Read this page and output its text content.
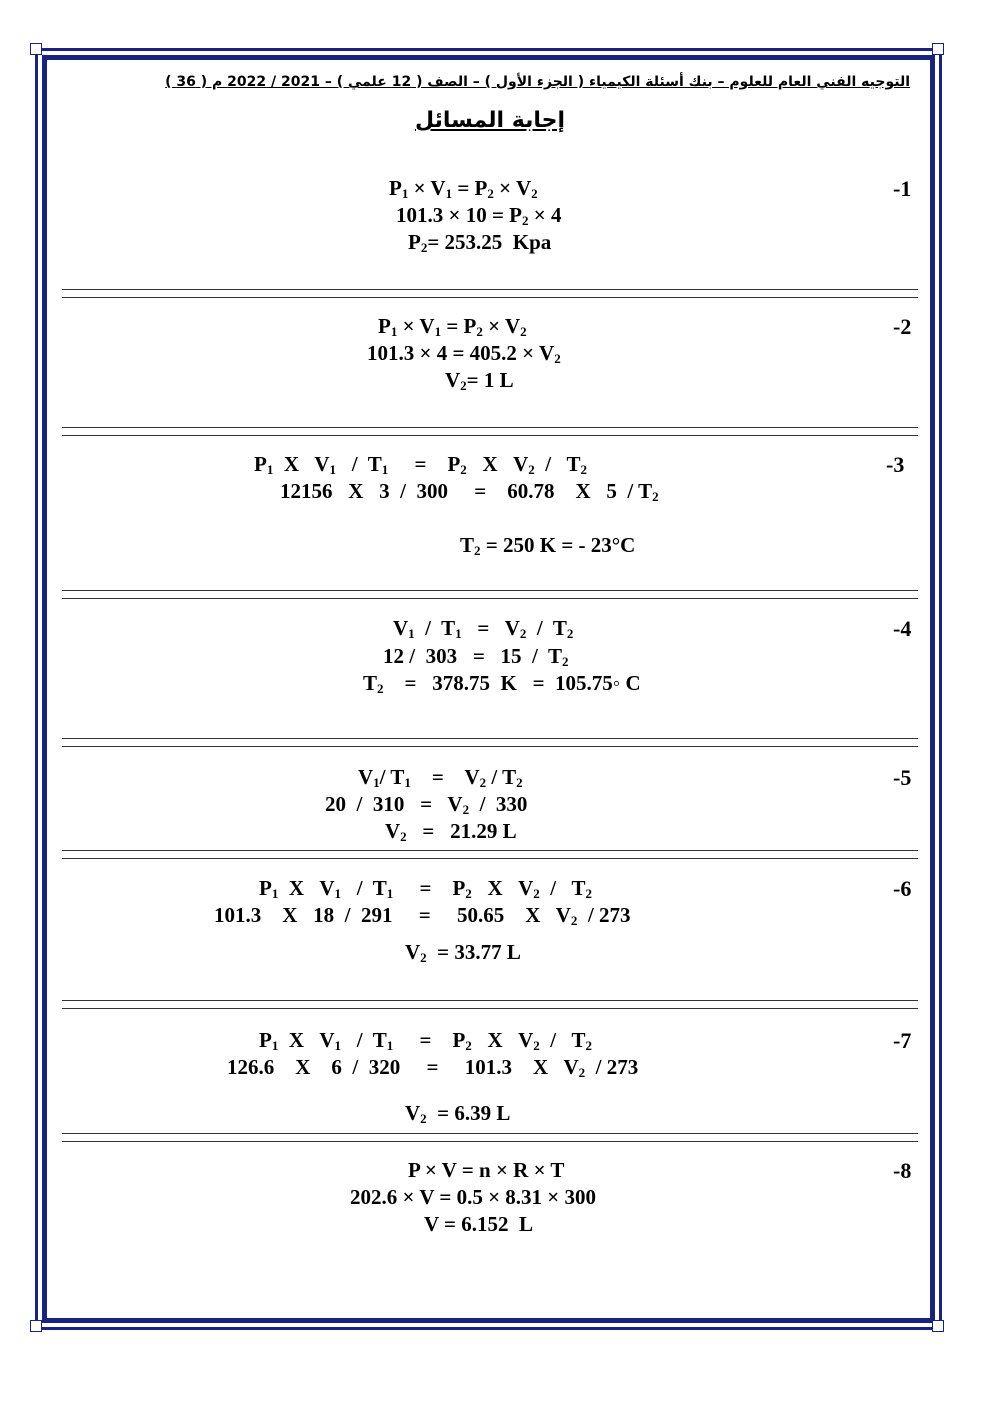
التوجيه الفني العام للعلوم – بنك أسئلة الكيمياء ( الجزء الأول ) – الصف ( 12 علمي ) – 2021 / 2022 م ( 36 )
إجابة المسائل
-1
$P_1 \times V_1 = P_2 \times V_2$
$101.3 \times 10 = P_2 \times 4$
$P_2= 253.25$  Kpa
-2
$P_1 \times V_1 = P_2 \times V_2$
$101.3 \times 4 = 405.2 \times V_2$
$V_2= 1$ L
-3
$P_1$  X   $V_1 / T_1$     =    $P_2$   X   $V_2 / T_2$
12156   X   3  /  300     =    60.78    X   $5 / T_2$
$T_2 = 250$ K = - 23°C
-4
$V_1 / T_1 = V_2 / T_2$
$12 / 303 = 15 / T_2$
$T_2$    =   378.75  K   =  105.75◦ C
-5
$V_1/$ $T_1$    =    $V_2 / T_2$
$20 / 310 = V_2 / 330$
$V_2 = 21.29$ L
-6
$P_1$  X   $V_1 / T_1$     =    $P_2$   X   $V_2 / T_2$
101.3    X   18  /  291     =     50.65    X   $V_2 / 273$
$V_2 = 33.77$ L
-7
$P_1$  X   $V_1 / T_1$     =    $P_2$   X   $V_2 / T_2$
126.6    X    6  /  320     =     101.3    X   $V_2 / 273$
$V_2 = 6.39$ L
-8
P × V = n × R × T
202.6 × V = 0.5 × 8.31 × 300
V = 6.152  L
